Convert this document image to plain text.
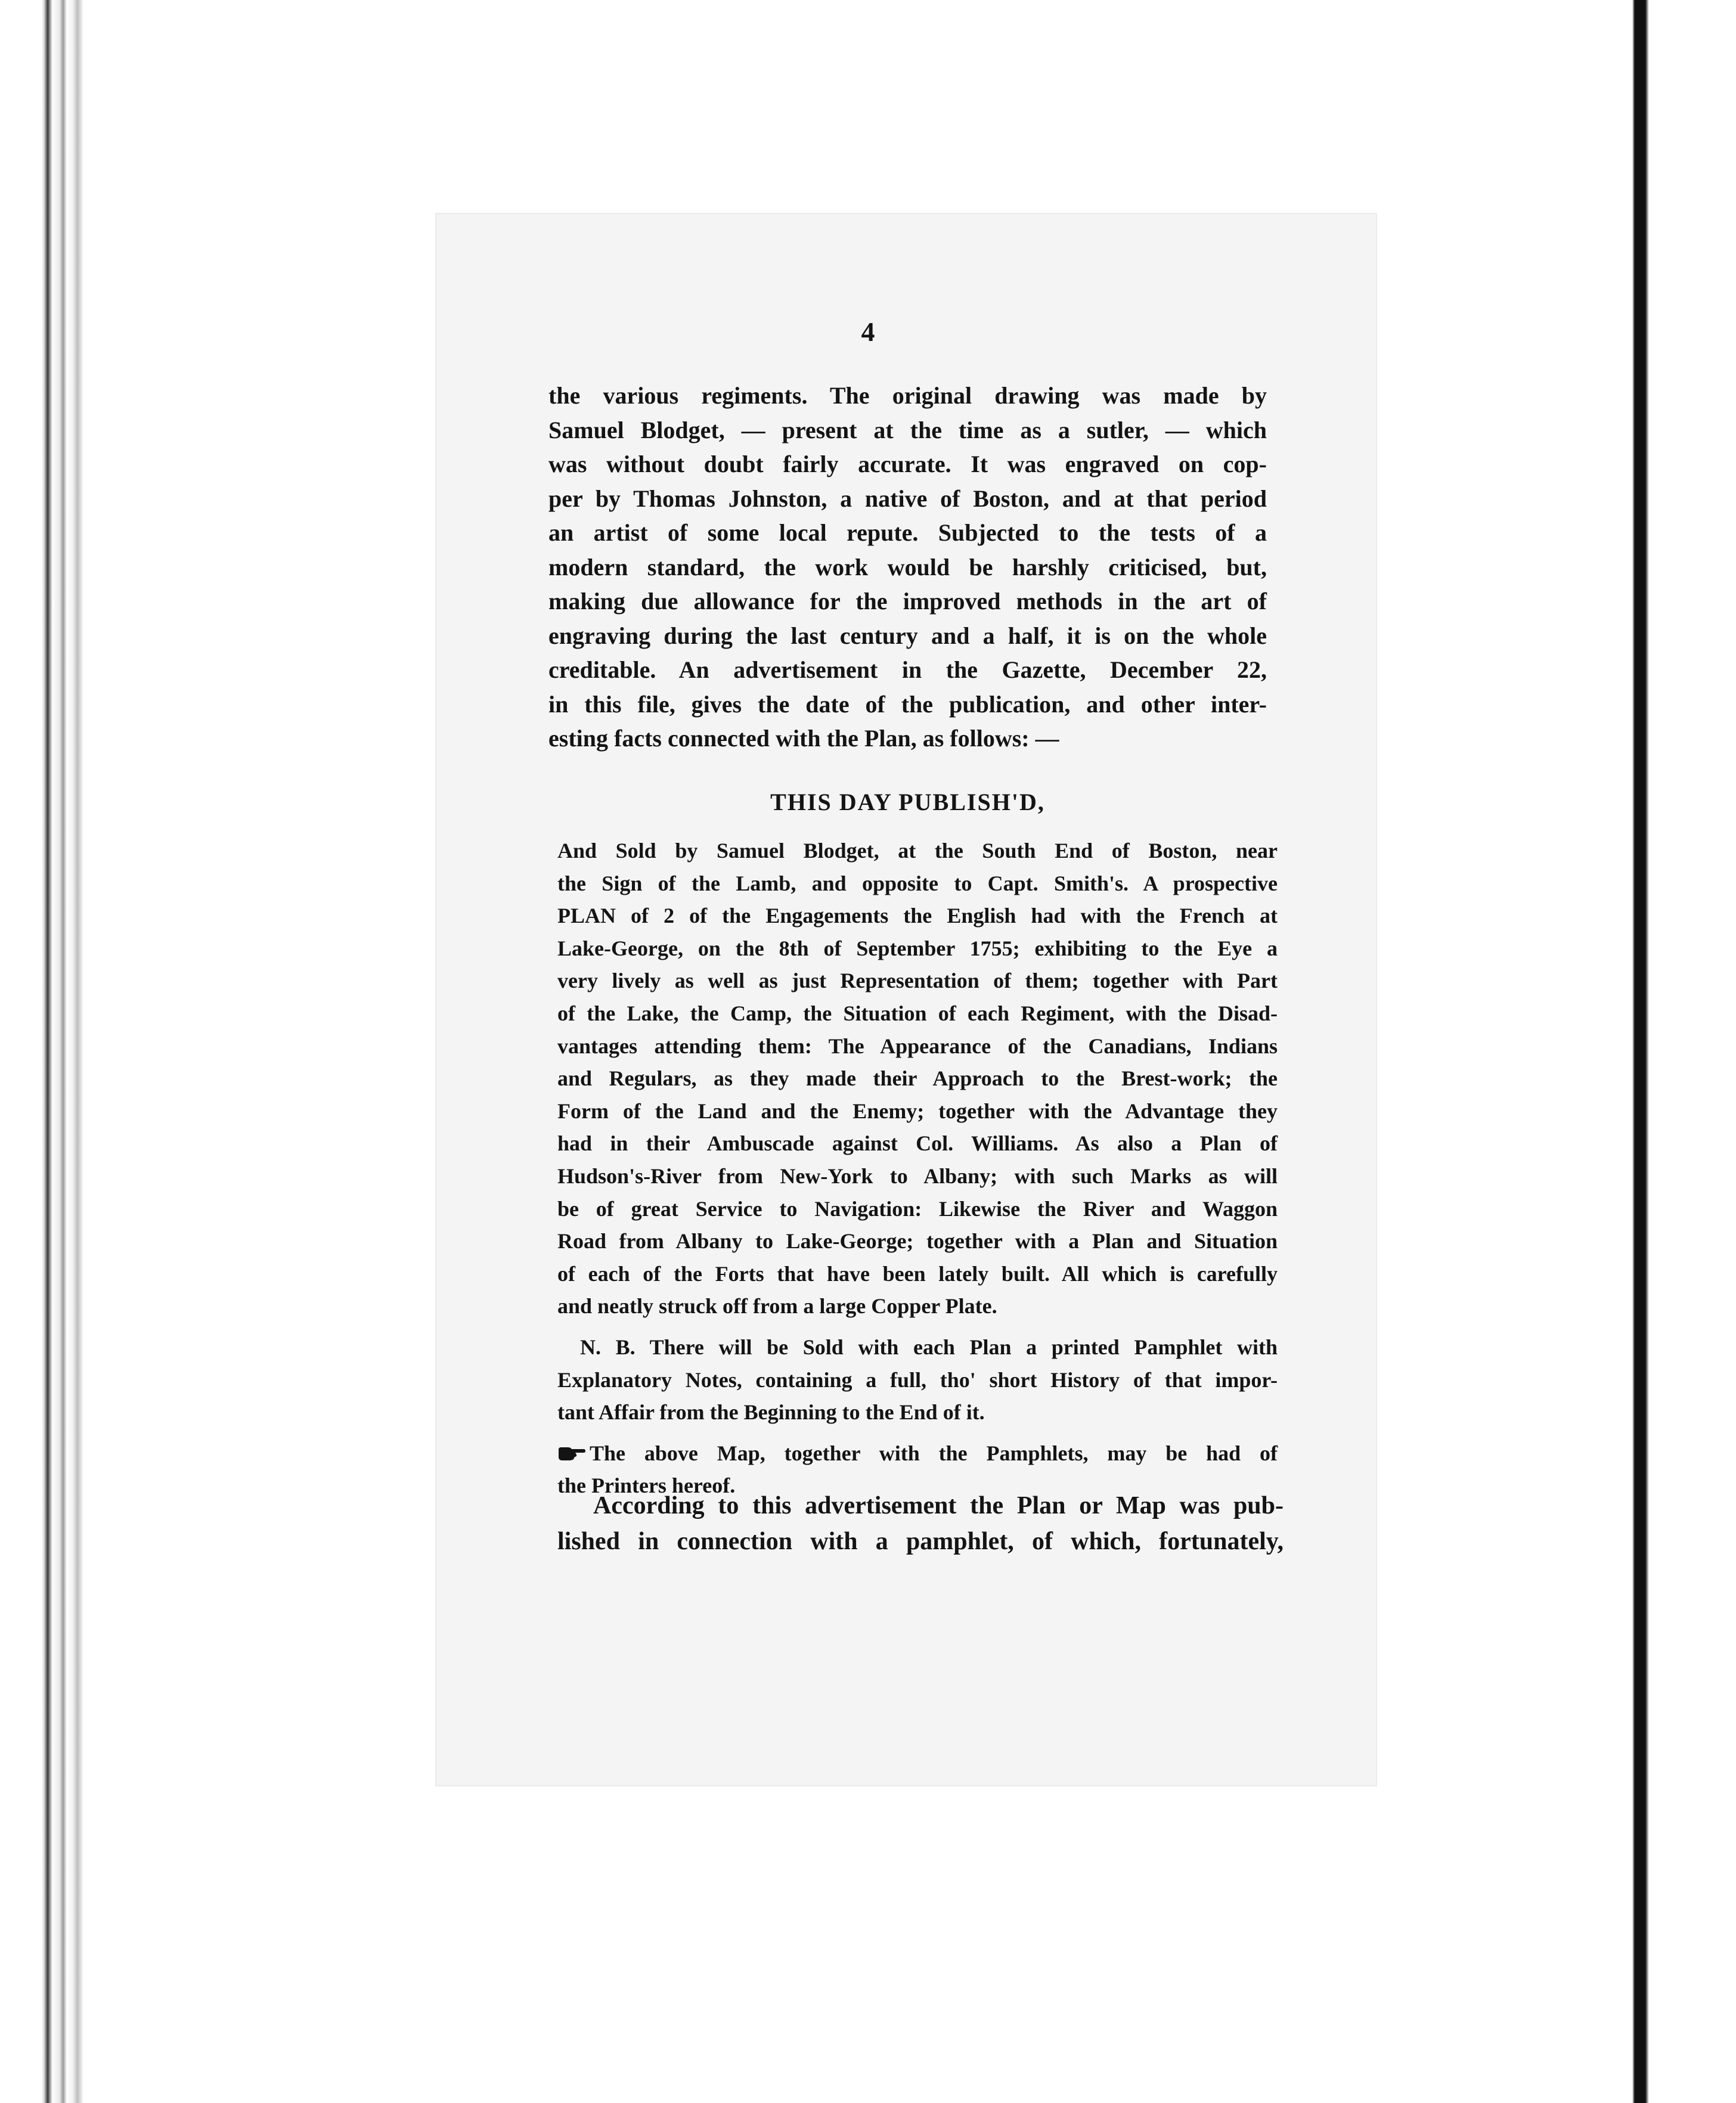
4
the various regiments. The original drawing was made by
Samuel Blodget, — present at the time as a sutler, — which
was without doubt fairly accurate. It was engraved on cop-
per by Thomas Johnston, a native of Boston, and at that period
an artist of some local repute. Subjected to the tests of a
modern standard, the work would be harshly criticised, but,
making due allowance for the improved methods in the art of
engraving during the last century and a half, it is on the whole
creditable. An advertisement in the Gazette, December 22,
in this file, gives the date of the publication, and other inter-
esting facts connected with the Plan, as follows: —
THIS DAY PUBLISH'D,
And Sold by Samuel Blodget, at the South End of Boston, near
the Sign of the Lamb, and opposite to Capt. Smith's. A prospective
PLAN of 2 of the Engagements the English had with the French at
Lake-George, on the 8th of September 1755; exhibiting to the Eye a
very lively as well as just Representation of them; together with Part
of the Lake, the Camp, the Situation of each Regiment, with the Disad-
vantages attending them: The Appearance of the Canadians, Indians
and Regulars, as they made their Approach to the Brest-work; the
Form of the Land and the Enemy; together with the Advantage they
had in their Ambuscade against Col. Williams. As also a Plan of
Hudson's-River from New-York to Albany; with such Marks as will
be of great Service to Navigation: Likewise the River and Waggon
Road from Albany to Lake-George; together with a Plan and Situation
of each of the Forts that have been lately built. All which is carefully
and neatly struck off from a large Copper Plate.
N. B. There will be Sold with each Plan a printed Pamphlet with
Explanatory Notes, containing a full, tho' short History of that impor-
tant Affair from the Beginning to the End of it.
The above Map, together with the Pamphlets, may be had of
the Printers hereof.
According to this advertisement the Plan or Map was pub-
lished in connection with a pamphlet, of which, fortunately,
